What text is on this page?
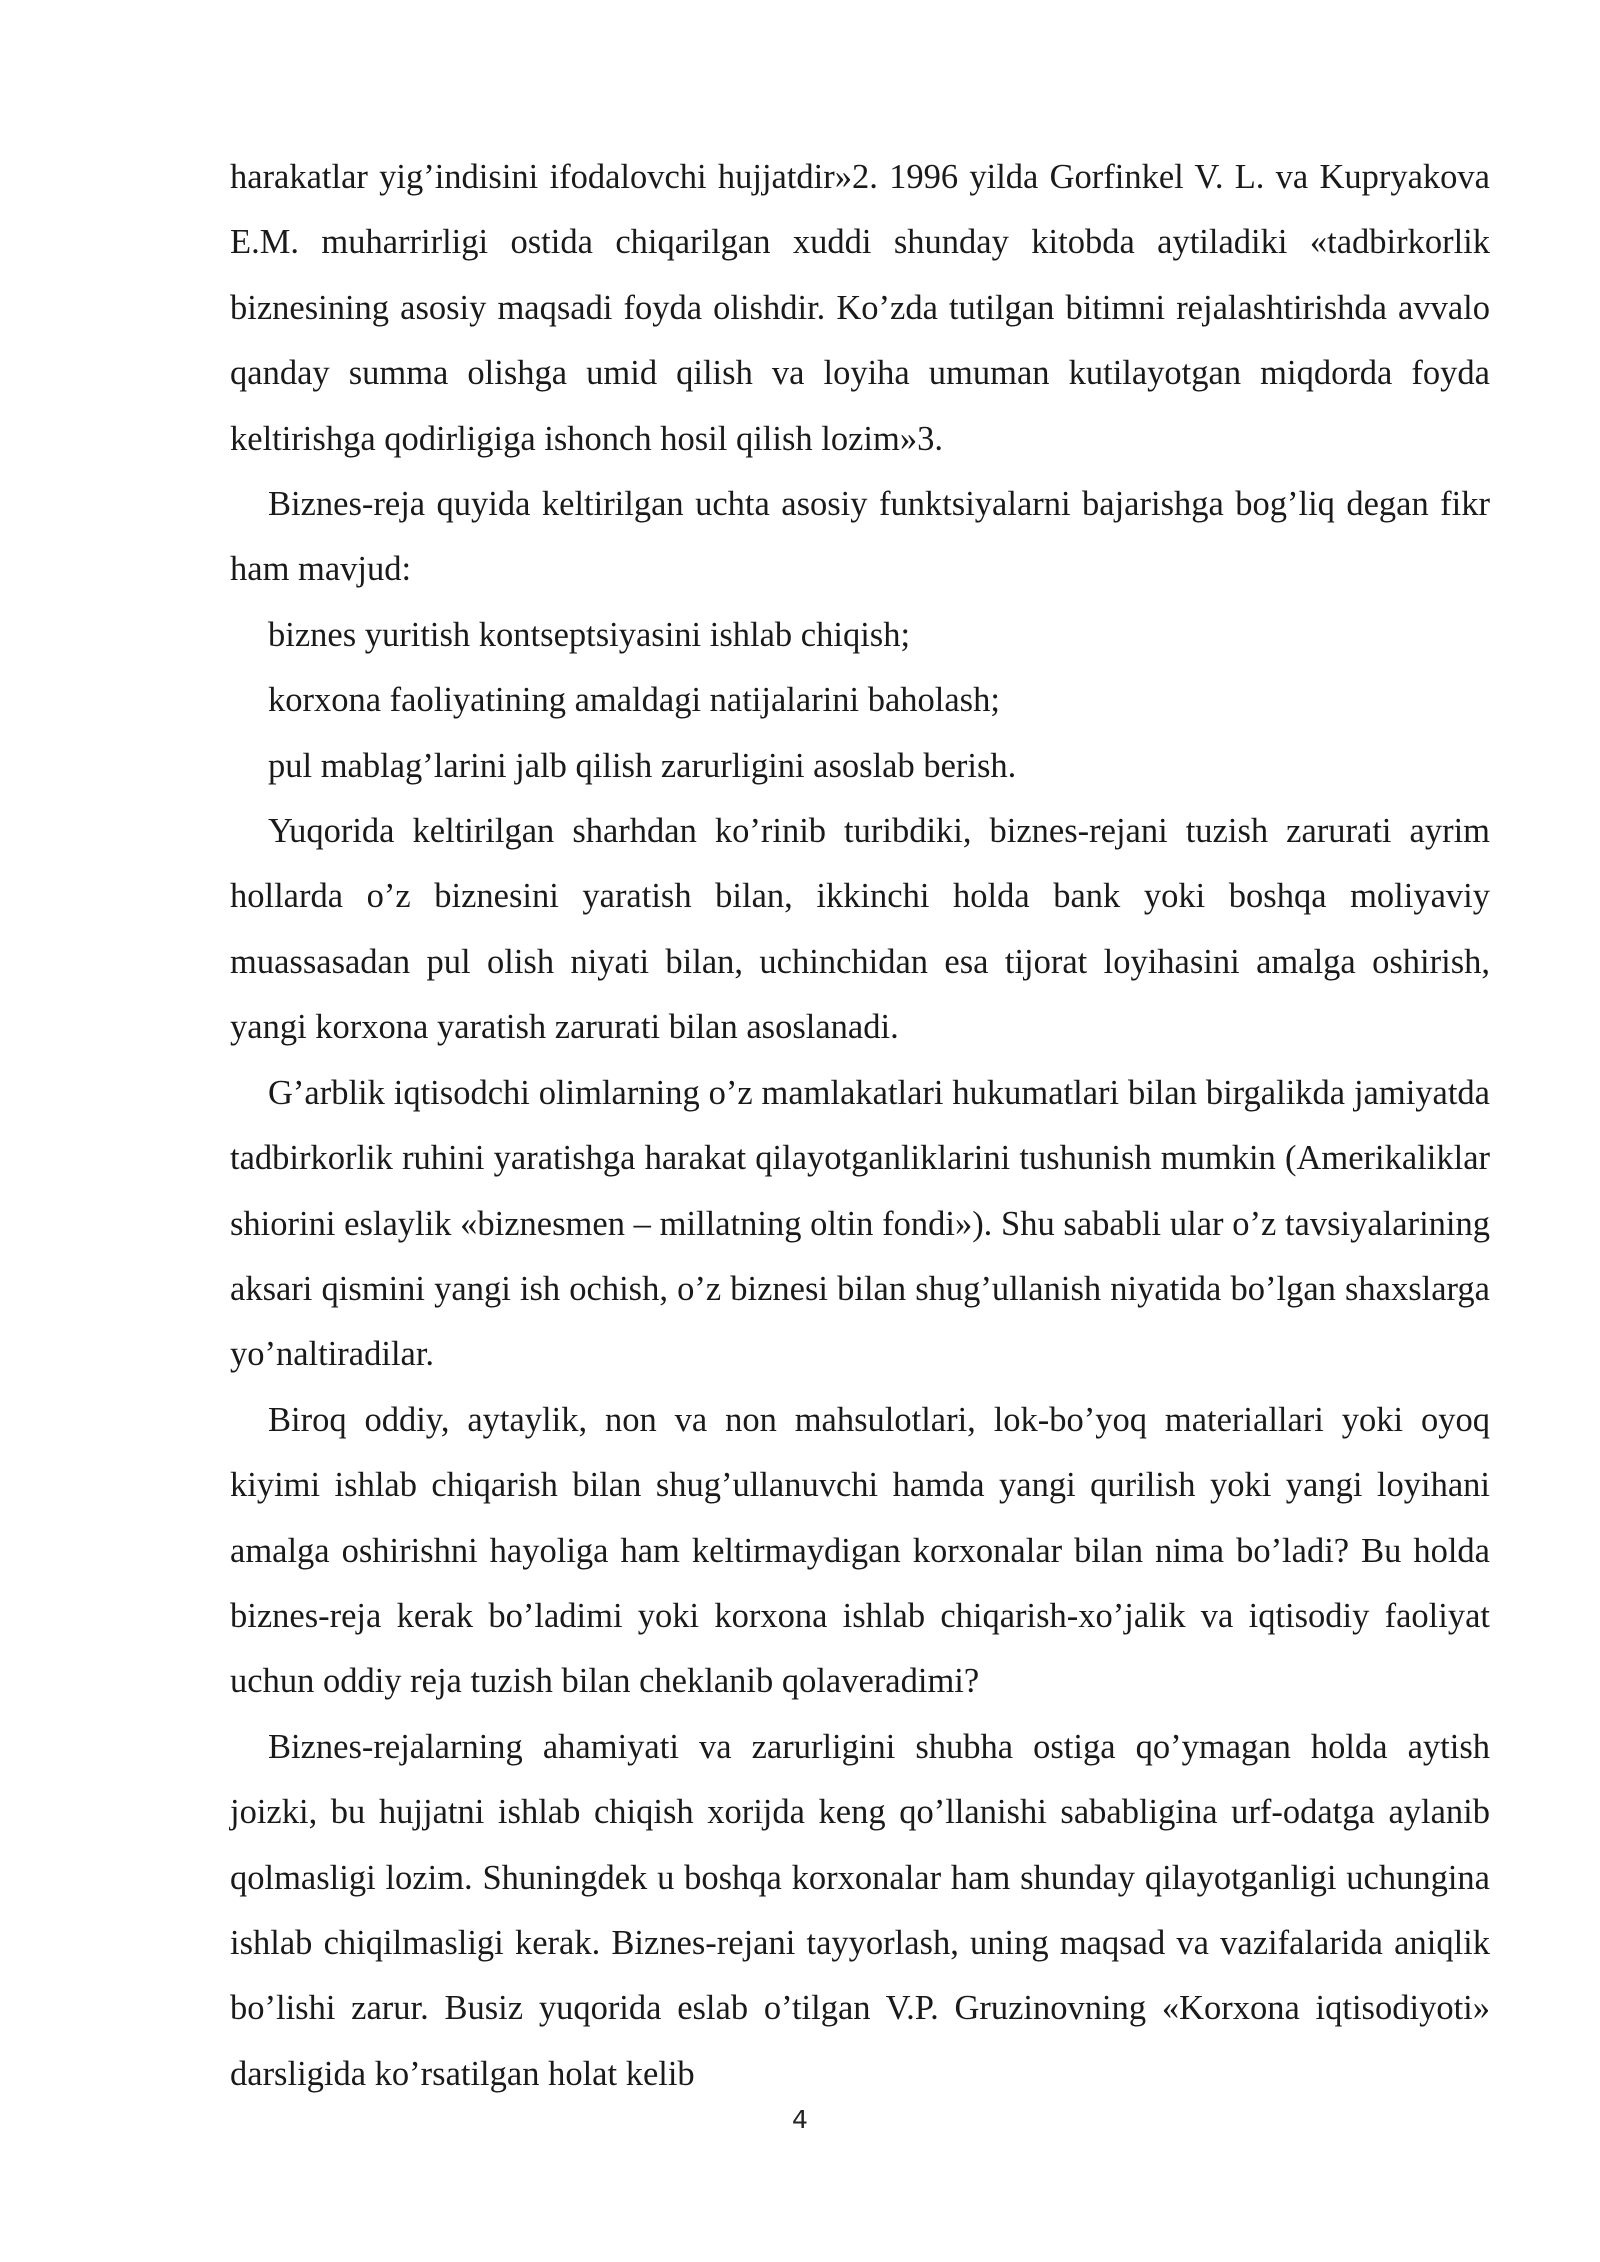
harakatlar yig’indisini ifodalovchi hujjatdir»2. 1996 yilda Gorfinkel V. L. va Kupryakova E.M. muharrirligi ostida chiqarilgan xuddi shunday kitobda aytiladiki «tadbirkorlik biznesining asosiy maqsadi foyda olishdir. Ko’zda tutilgan bitimni rejalashtirishda avvalo qanday summa olishga umid qilish va loyiha umuman kutilayotgan miqdorda foyda keltirishga qodirligiga ishonch hosil qilish lozim»3.

Biznes-reja quyida keltirilgan uchta asosiy funktsiyalarni bajarishga bog’liq degan fikr ham mavjud:

biznes yuritish kontseptsiyasini ishlab chiqish;

korxona faoliyatining amaldagi natijalarini baholash;

pul mablag’larini jalb qilish zarurligini asoslab berish.

Yuqorida keltirilgan sharhdan ko’rinib turibdiki, biznes-rejani tuzish zarurati ayrim hollarda o’z biznesini yaratish bilan, ikkinchi holda bank yoki boshqa moliyaviy muassasadan pul olish niyati bilan, uchinchidan esa tijorat loyihasini amalga oshirish, yangi korxona yaratish zarurati bilan asoslanadi.

G’arblik iqtisodchi olimlarning o’z mamlakatlari hukumatlari bilan birgalikda jamiyatda tadbirkorlik ruhini yaratishga harakat qilayotganliklarini tushunish mumkin (Amerikaliklar shiorini eslaylik «biznesmen – millatning oltin fondi»). Shu sababli ular o’z tavsiyalarining aksari qismini yangi ish ochish, o’z biznesi bilan shug’ullanish niyatida bo’lgan shaxslarga yo’naltiradilar.

Biroq oddiy, aytaylik, non va non mahsulotlari, lok-bo’yoq materiallari yoki oyoq kiyimi ishlab chiqarish bilan shug’ullanuvchi hamda yangi qurilish yoki yangi loyihani amalga oshirishni hayoliga ham keltirmaydigan korxonalar bilan nima bo’ladi? Bu holda biznes-reja kerak bo’ladimi yoki korxona ishlab chiqarish-xo’jalik va iqtisodiy faoliyat uchun oddiy reja tuzish bilan cheklanib qolaveradimi?

Biznes-rejalarning ahamiyati va zarurligini shubha ostiga qo’ymagan holda aytish joizki, bu hujjatni ishlab chiqish xorijda keng qo’llanishi sababligina urf-odatga aylanib qolmasligi lozim. Shuningdek u boshqa korxonalar ham shunday qilayotganligi uchungina ishlab chiqilmasligi kerak. Biznes-rejani tayyorlash, uning maqsad va vazifalarida aniqlik bo’lishi zarur. Busiz yuqorida eslab o’tilgan V.P. Gruzinovning «Korxona iqtisodiyoti» darsligida ko’rsatilgan holat kelib

4
